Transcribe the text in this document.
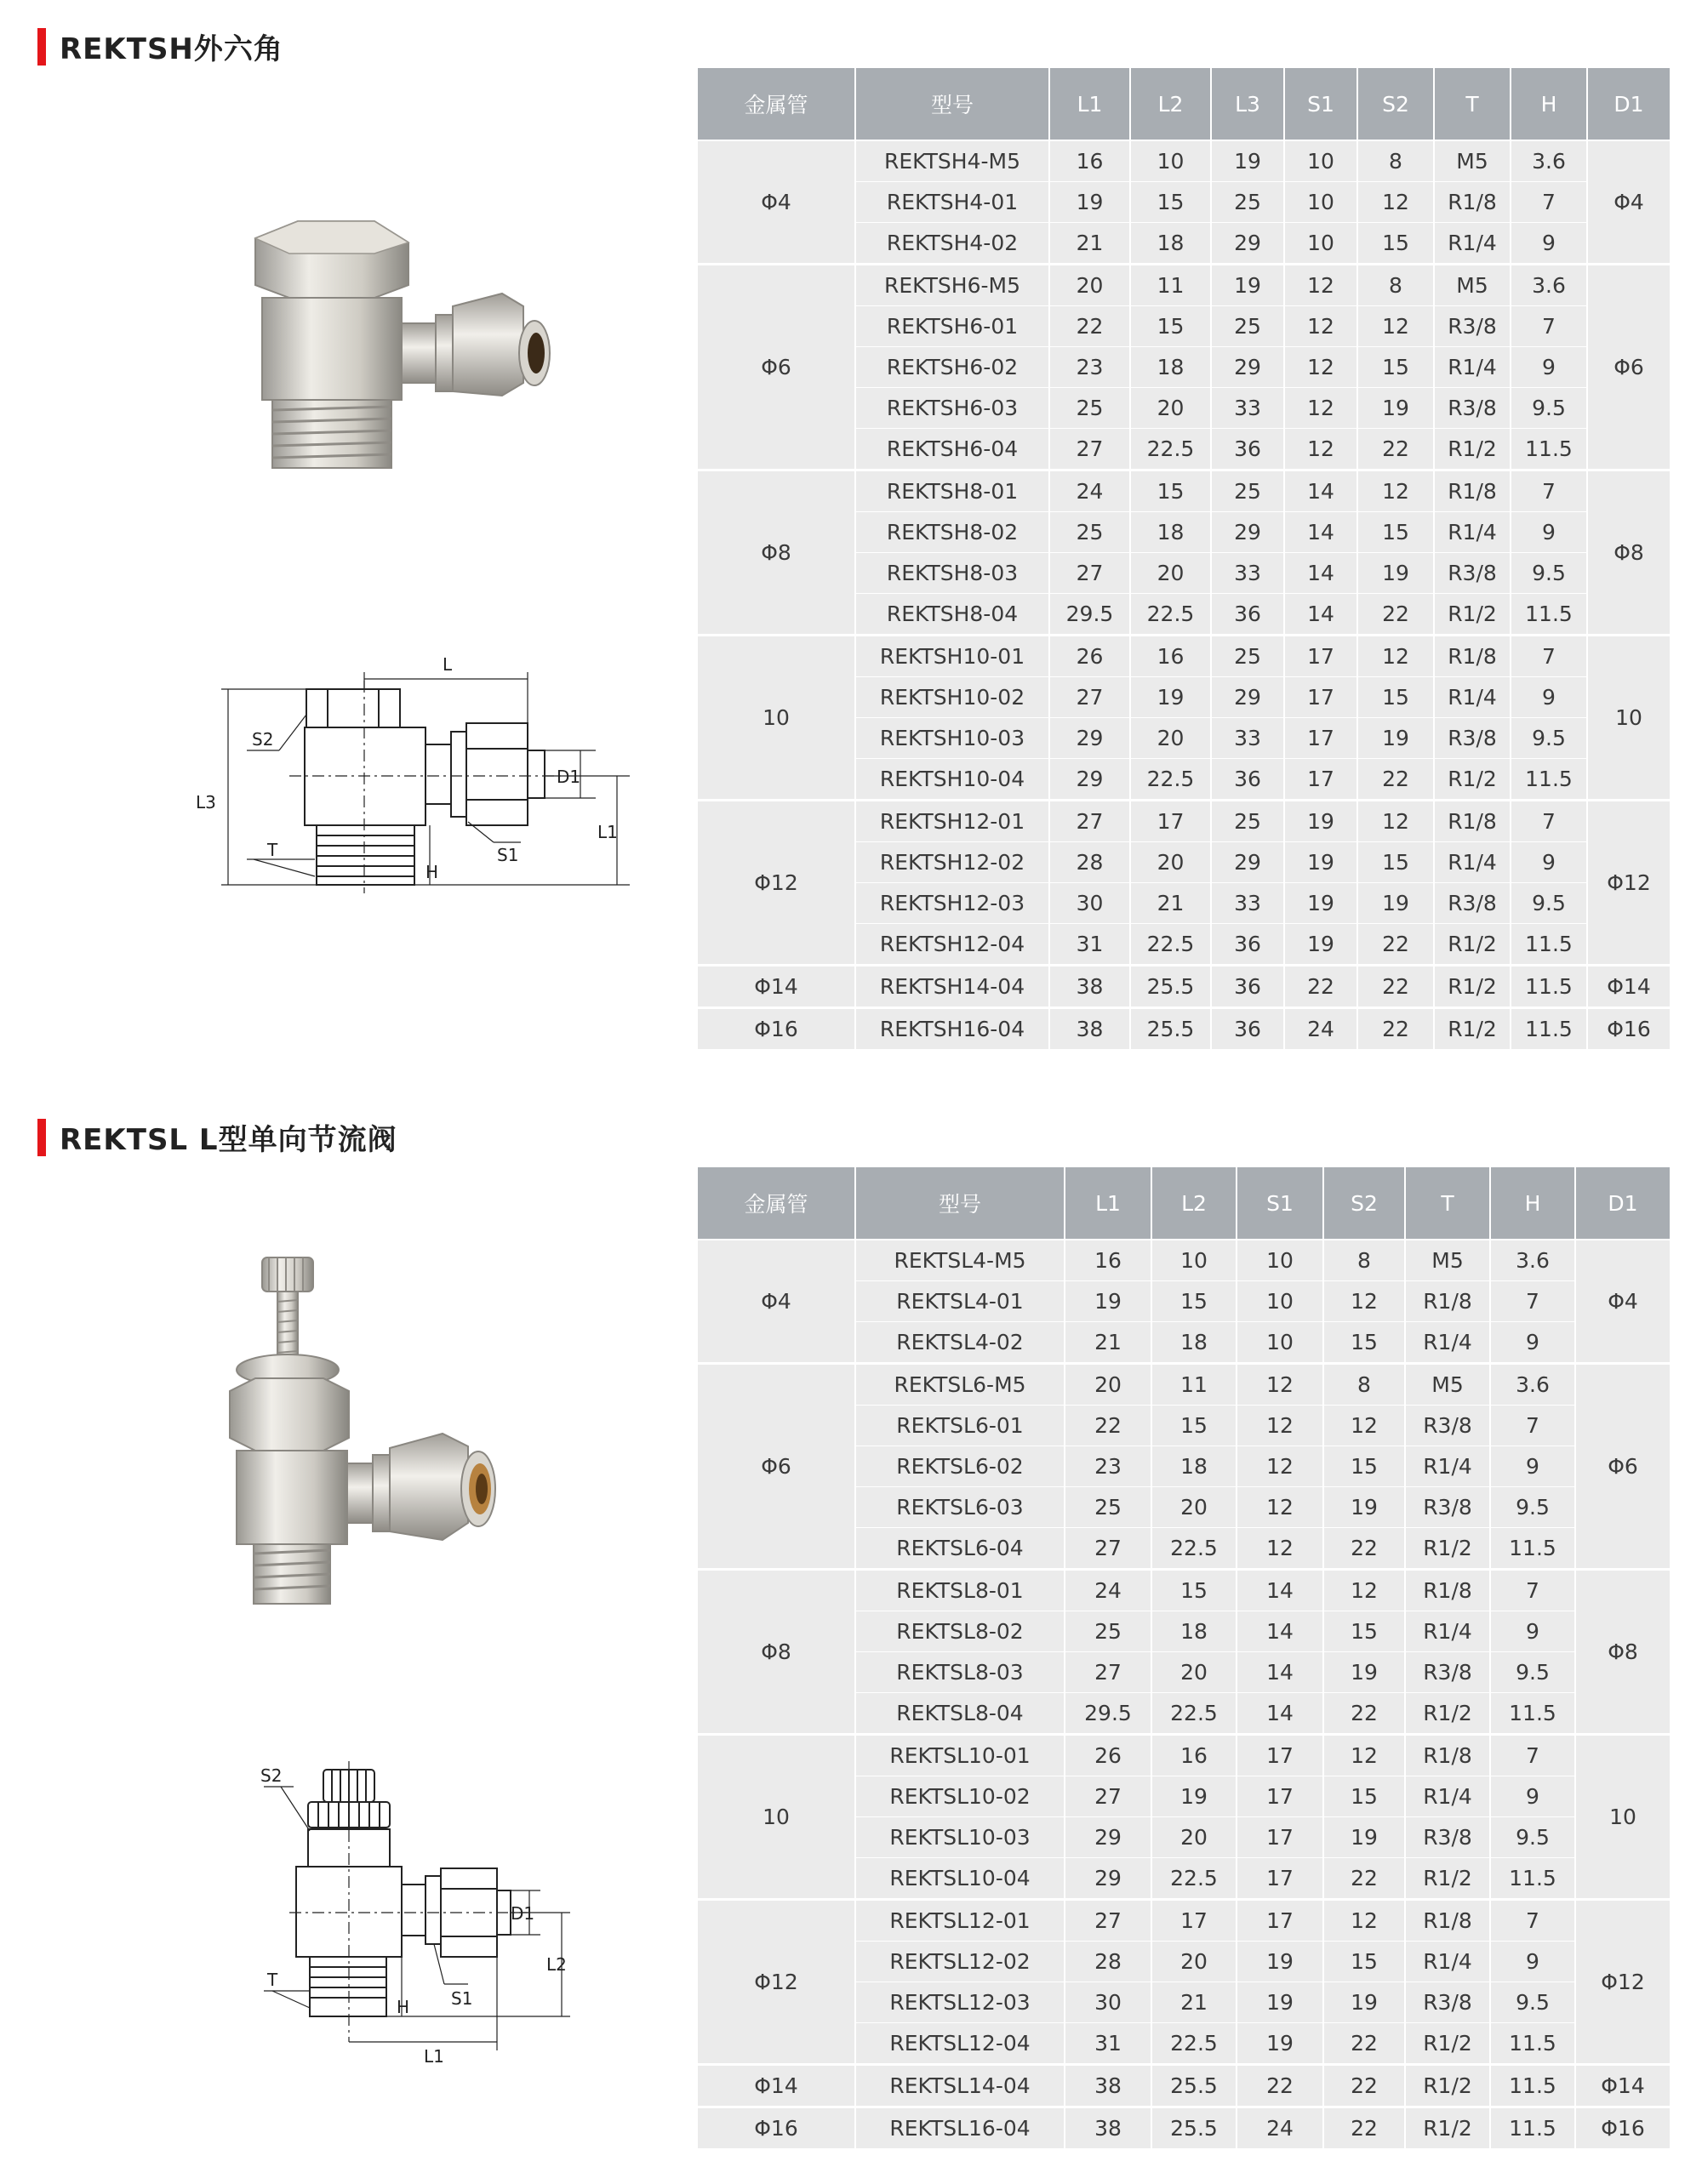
REKTSH外六角
L
S2
D1
L3
T
H
S1
L1
金属管	型号	L1	L2	L3	S1	S2	T	H	D1
Φ4	REKTSH4-M5	16	10	19	10	8	M5	3.6	Φ4
	REKTSH4-01	19	15	25	10	12	R1/8	7	
	REKTSH4-02	21	18	29	10	15	R1/4	9	
Φ6	REKTSH6-M5	20	11	19	12	8	M5	3.6	Φ6
	REKTSH6-01	22	15	25	12	12	R3/8	7	
	REKTSH6-02	23	18	29	12	15	R1/4	9	
	REKTSH6-03	25	20	33	12	19	R3/8	9.5	
	REKTSH6-04	27	22.5	36	12	22	R1/2	11.5	
Φ8	REKTSH8-01	24	15	25	14	12	R1/8	7	Φ8
	REKTSH8-02	25	18	29	14	15	R1/4	9	
	REKTSH8-03	27	20	33	14	19	R3/8	9.5	
	REKTSH8-04	29.5	22.5	36	14	22	R1/2	11.5	
10	REKTSH10-01	26	16	25	17	12	R1/8	7	10
	REKTSH10-02	27	19	29	17	15	R1/4	9	
	REKTSH10-03	29	20	33	17	19	R3/8	9.5	
	REKTSH10-04	29	22.5	36	17	22	R1/2	11.5	
Φ12	REKTSH12-01	27	17	25	19	12	R1/8	7	Φ12
	REKTSH12-02	28	20	29	19	15	R1/4	9	
	REKTSH12-03	30	21	33	19	19	R3/8	9.5	
	REKTSH12-04	31	22.5	36	19	22	R1/2	11.5	
Φ14	REKTSH14-04	38	25.5	36	22	22	R1/2	11.5	Φ14
Φ16	REKTSH16-04	38	25.5	36	24	22	R1/2	11.5	Φ16
REKTSL L型单向节流阀
S2
D1
T
H S1
L2
L1
金属管	型号	L1	L2	S1	S2	T	H	D1
Φ4	REKTSL4-M5	16	10	10	8	M5	3.6	Φ4
	REKTSL4-01	19	15	10	12	R1/8	7	
	REKTSL4-02	21	18	10	15	R1/4	9	
Φ6	REKTSL6-M5	20	11	12	8	M5	3.6	Φ6
	REKTSL6-01	22	15	12	12	R3/8	7	
	REKTSL6-02	23	18	12	15	R1/4	9	
	REKTSL6-03	25	20	12	19	R3/8	9.5	
	REKTSL6-04	27	22.5	12	22	R1/2	11.5	
Φ8	REKTSL8-01	24	15	14	12	R1/8	7	Φ8
	REKTSL8-02	25	18	14	15	R1/4	9	
	REKTSL8-03	27	20	14	19	R3/8	9.5	
	REKTSL8-04	29.5	22.5	14	22	R1/2	11.5	
10	REKTSL10-01	26	16	17	12	R1/8	7	10
	REKTSL10-02	27	19	17	15	R1/4	9	
	REKTSL10-03	29	20	17	19	R3/8	9.5	
	REKTSL10-04	29	22.5	17	22	R1/2	11.5	
Φ12	REKTSL12-01	27	17	17	12	R1/8	7	Φ12
	REKTSL12-02	28	20	19	15	R1/4	9	
	REKTSL12-03	30	21	19	19	R3/8	9.5	
	REKTSL12-04	31	22.5	19	22	R1/2	11.5	
Φ14	REKTSL14-04	38	25.5	22	22	R1/2	11.5	Φ14
Φ16	REKTSL16-04	38	25.5	24	22	R1/2	11.5	Φ16
